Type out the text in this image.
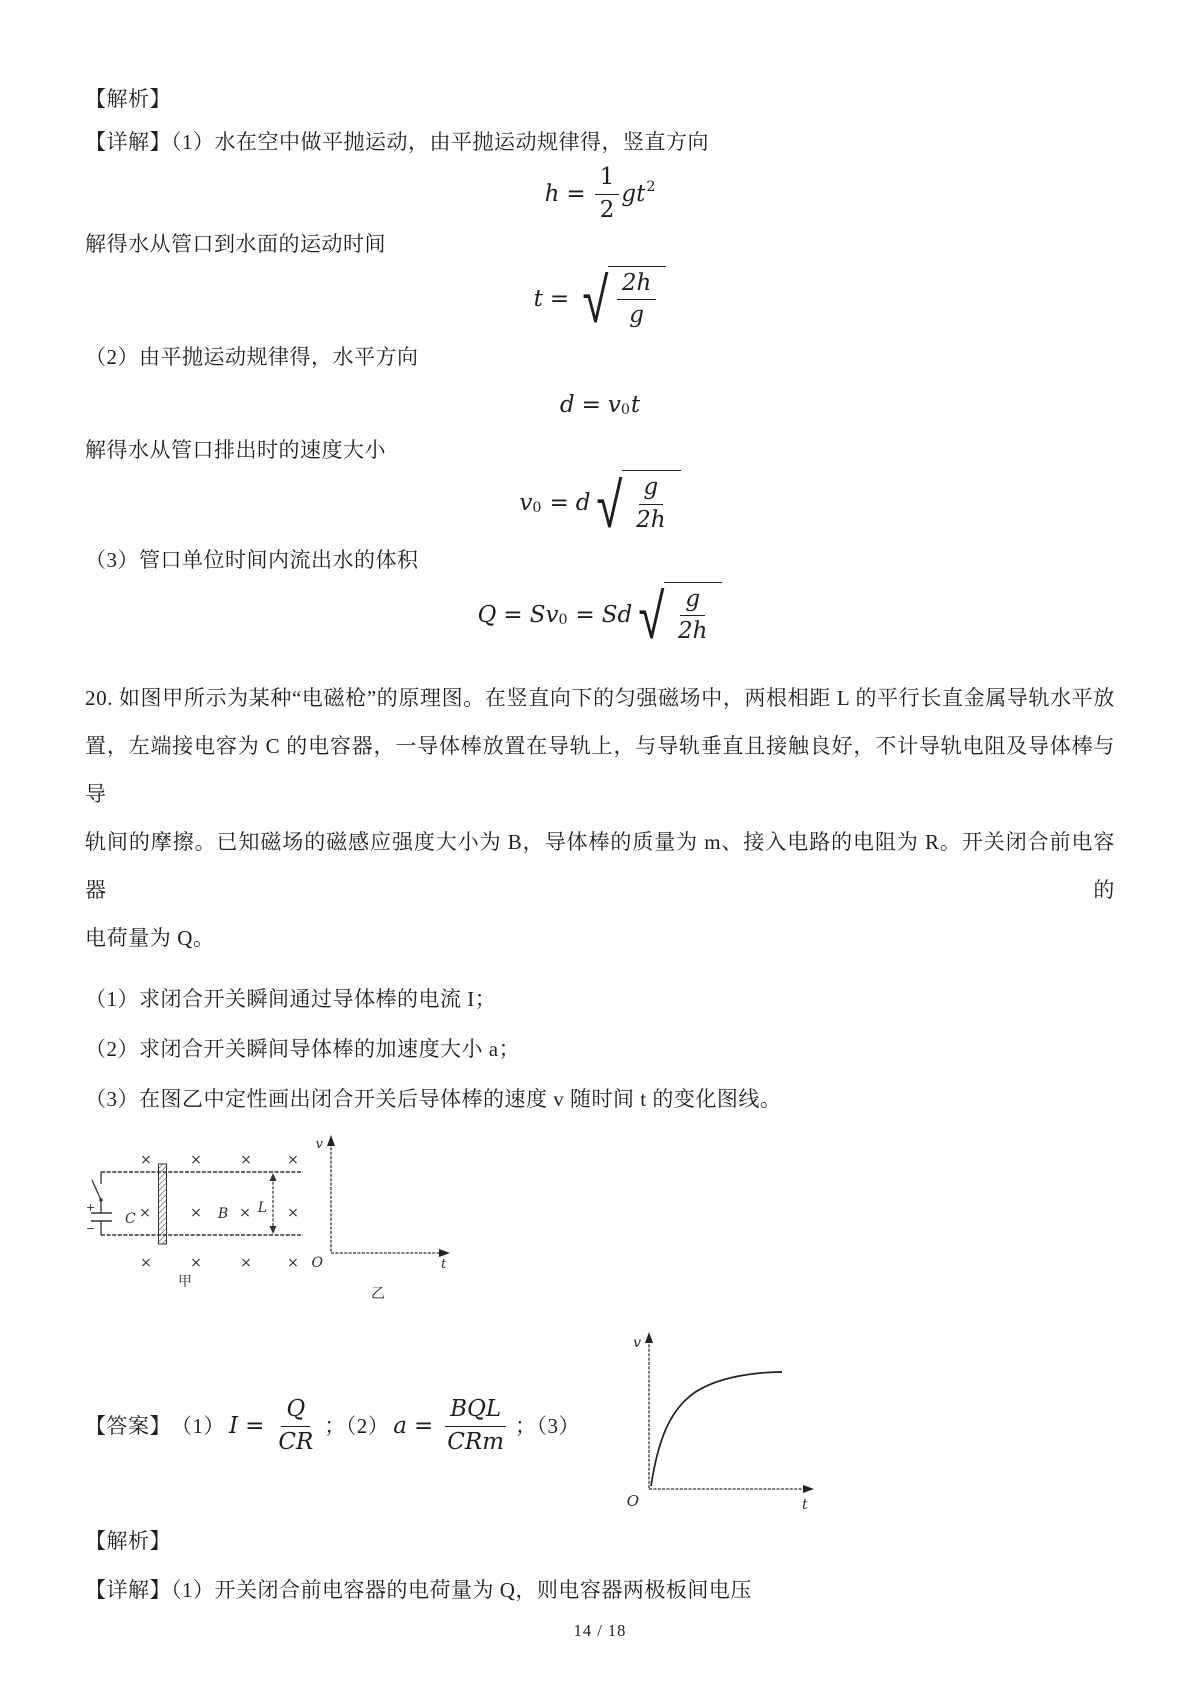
【解析】
【详解】（1）水在空中做平抛运动，由平抛运动规律得，竖直方向
$h = \frac{1}{2}$ gt 2
解得水从管口到水面的运动时间
t = √ $\frac{2h}{g}$
（2）由平抛运动规律得，水平方向
d = v 0 t
解得水从管口排出时的速度大小
v 0 = d √ $\frac{g}{2h}$
（3）管口单位时间内流出水的体积
Q = Sv 0 = Sd √ $\frac{g}{2h}$
20. 如图甲所示为某种“电磁枪”的原理图。在竖直向下的匀强磁场中，两根相距 L 的平行长直金属导轨水平放
置，左端接电容为 C 的电容器，一导体棒放置在导轨上，与导轨垂直且接触良好，不计导轨电阻及导体棒与导
轨间的摩擦。已知磁场的磁感应强度大小为 B，导体棒的质量为 m、接入电路的电阻为 R。开关闭合前电容器的
电荷量为 Q。
（1）求闭合开关瞬间通过导体棒的电流 I；
（2）求闭合开关瞬间导体棒的加速度大小 a；
（3）在图乙中定性画出闭合开关后导体棒的速度 v 随时间 t 的变化图线。
×	×	×	×
+
−
C ×	× B × L ×
×	×	×	×
甲
v
O	t
乙
【答案】 （1） $I = \frac{Q}{CR}$ ；（2） $a = \frac{\text{BQL}}{\text{CRm}}$ ；（3）
v
O	t
【解析】
【详解】（1）开关闭合前电容器的电荷量为 Q，则电容器两极板间电压
14 / 18
